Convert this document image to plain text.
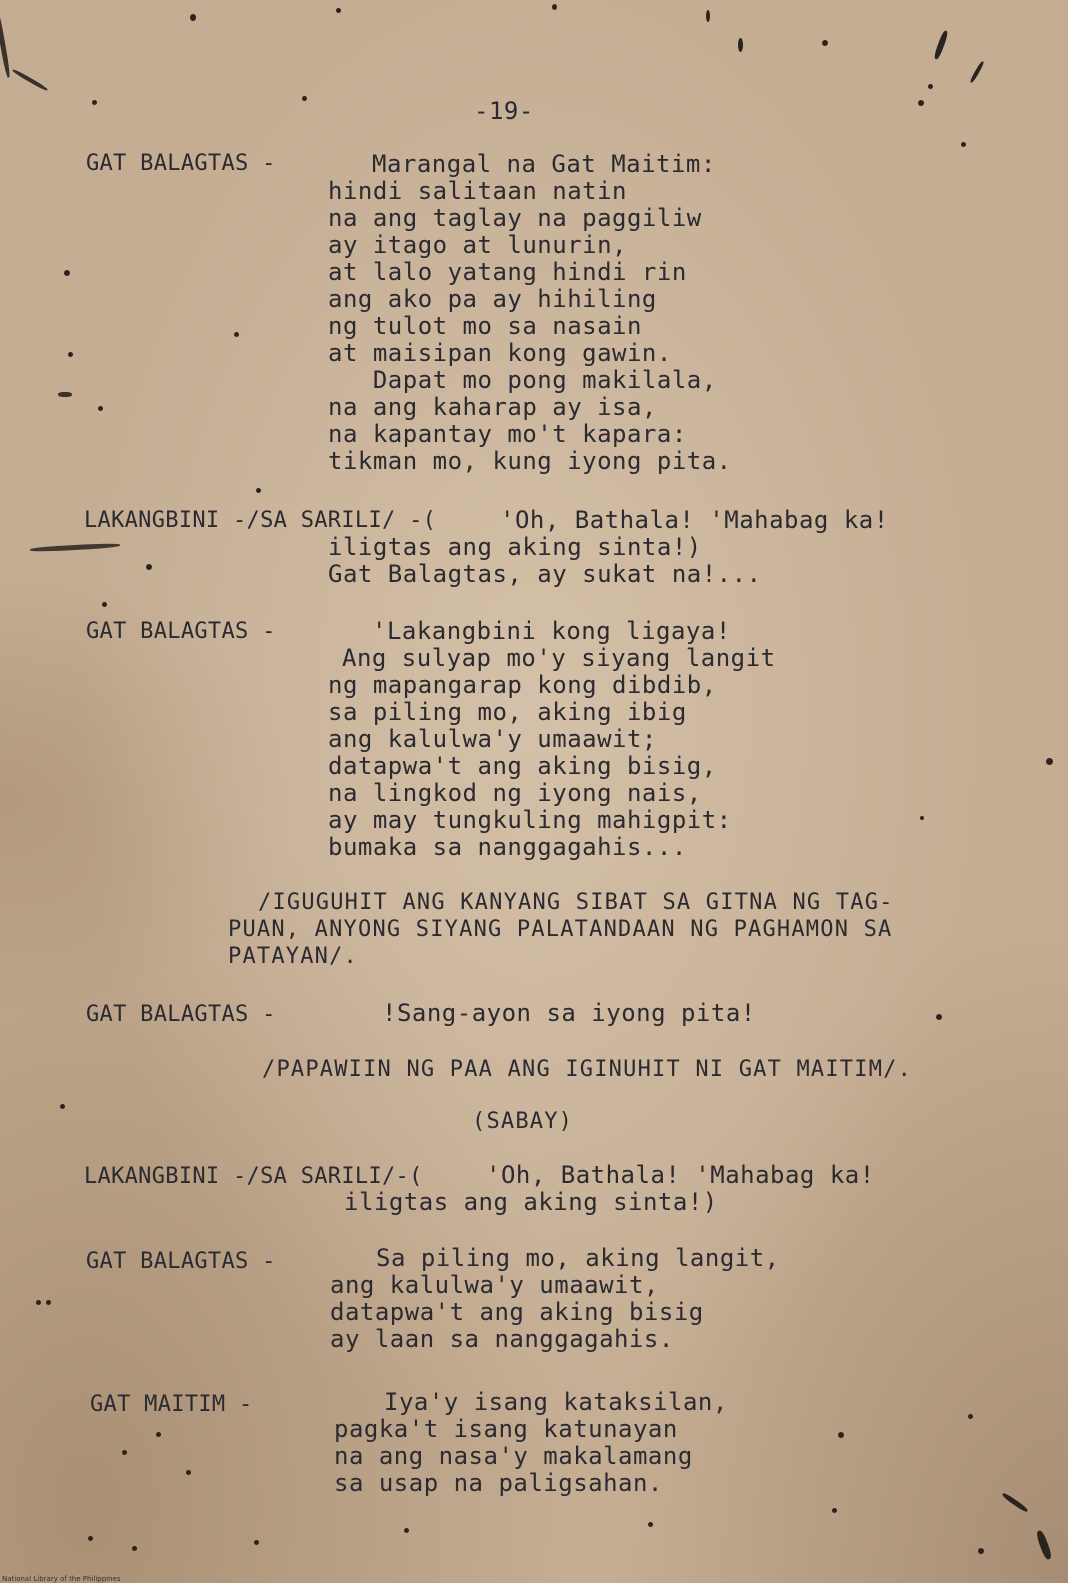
-19-
GAT BALAGTAS -	Marangal na Gat Maitim:
hindi salitaan natin
na ang taglay na paggiliw
ay itago at lunurin,
at lalo yatang hindi rin
ang ako pa ay hihiling
ng tulot mo sa nasain
at maisipan kong gawin.
Dapat mo pong makilala,
na ang kaharap ay isa,
na kapantay mo't kapara:
tikman mo, kung iyong pita.
LAKANGBINI -/SA SARILI/ -(	'Oh, Bathala! 'Mahabag ka!
iligtas ang aking sinta!)
Gat Balagtas, ay sukat na!...
GAT BALAGTAS -	'Lakangbini kong ligaya!
Ang sulyap mo'y siyang langit
ng mapangarap kong dibdib,
sa piling mo, aking ibig
ang kalulwa'y umaawit;
datapwa't ang aking bisig,
na lingkod ng iyong nais,
ay may tungkuling mahigpit:
bumaka sa nanggagahis...
/IGUGUHIT ANG KANYANG SIBAT SA GITNA NG TAG-
PUAN, ANYONG SIYANG PALATANDAAN NG PAGHAMON SA
PATAYAN/.
GAT BALAGTAS -	!Sang-ayon sa iyong pita!
/PAPAWIIN NG PAA ANG IGINUHIT NI GAT MAITIM/.
(SABAY)
LAKANGBINI -/SA SARILI/-(	'Oh, Bathala! 'Mahabag ka!
iligtas ang aking sinta!)
GAT BALAGTAS -	Sa piling mo, aking langit,
ang kalulwa'y umaawit,
datapwa't ang aking bisig
ay laan sa nanggagahis.
GAT MAITIM -	Iya'y isang kataksilan,
pagka't isang katunayan
na ang nasa'y makalamang
sa usap na paligsahan.
National Library of the Philippines
